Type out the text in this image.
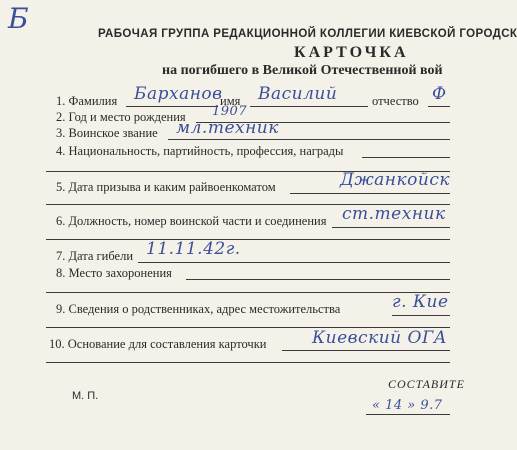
Б	РАБОЧАЯ ГРУППА РЕДАКЦИОННОЙ КОЛЛЕГИИ КИЕВСКОЙ ГОРОДСК
КАРТОЧКА
на погибшего в Великой Отечественной вой
1. Фамилия Барханов
имя Василий	отчество Ф
2. Год и место рождения 1907
3. Воинское звание мл.техник
4. Национальность, партийность, профессия, награды
5. Дата призыва и каким райвоенкоматом	Джанкойск
6. Должность, номер воинской части и соединения ст.техник
7. Дата гибели 11.11.42г.
8. Место захоронения
9. Сведения о родственниках, адрес местожительства	г. Кие
10. Основание для составления карточки	Киевский ОГА
М. П.
СОСТАВИТЕ
« 14 » 9.7
